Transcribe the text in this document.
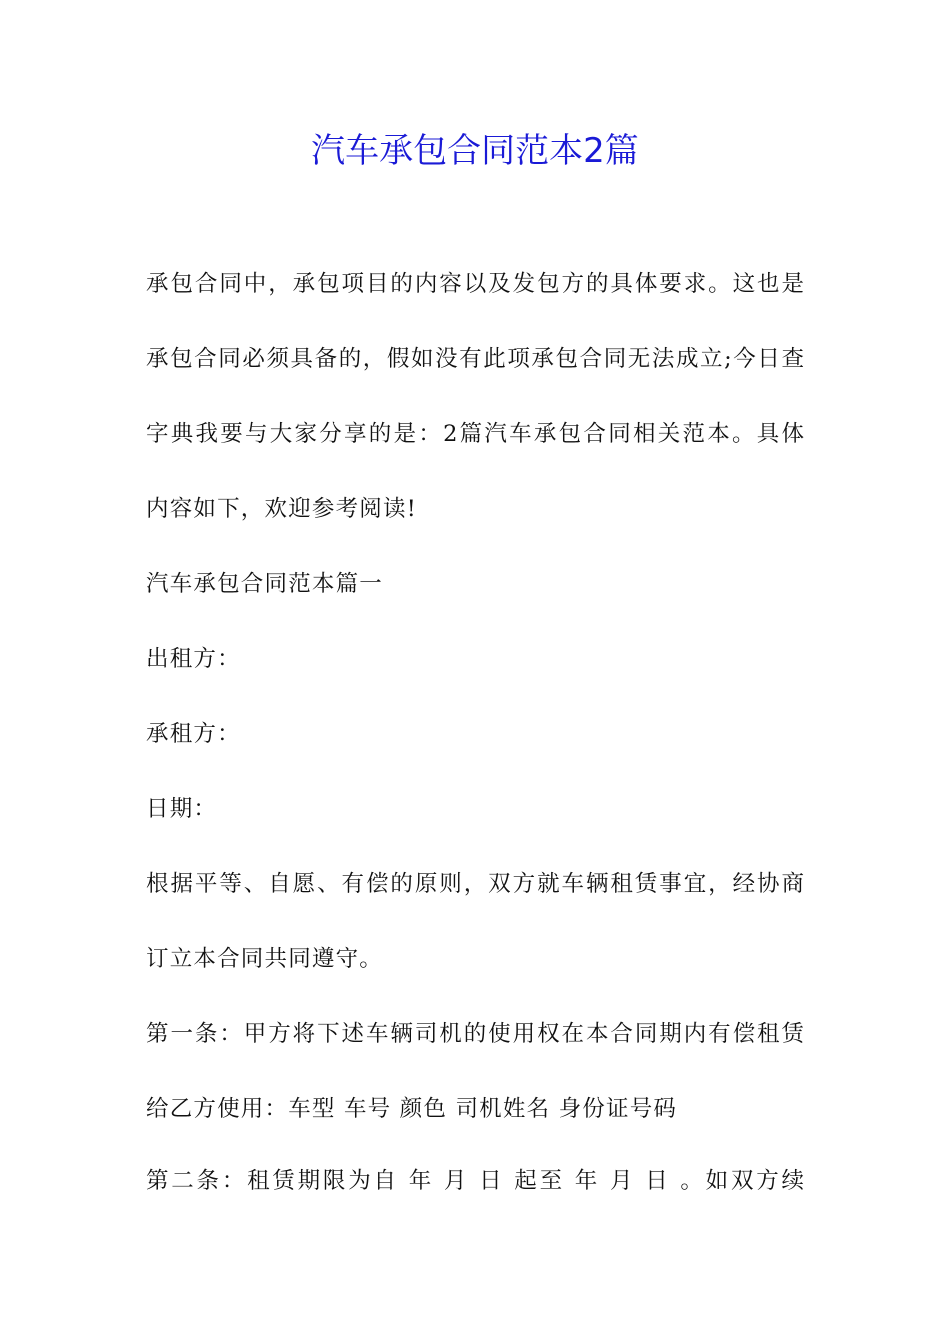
汽车承包合同范本2篇
承包合同中，承包项目的内容以及发包方的具体要求。这也是
承包合同必须具备的，假如没有此项承包合同无法成立;今日查
字典我要与大家分享的是：2篇汽车承包合同相关范本。具体
内容如下，欢迎参考阅读!
汽车承包合同范本篇一
出租方：
承租方：
日期：
根据平等、自愿、有偿的原则，双方就车辆租赁事宜，经协商
订立本合同共同遵守。
第一条：甲方将下述车辆司机的使用权在本合同期内有偿租赁
给乙方使用：车型 车号 颜色 司机姓名 身份证号码
第二条：租赁期限为自 年 月 日 起至 年 月 日 。如双方续
